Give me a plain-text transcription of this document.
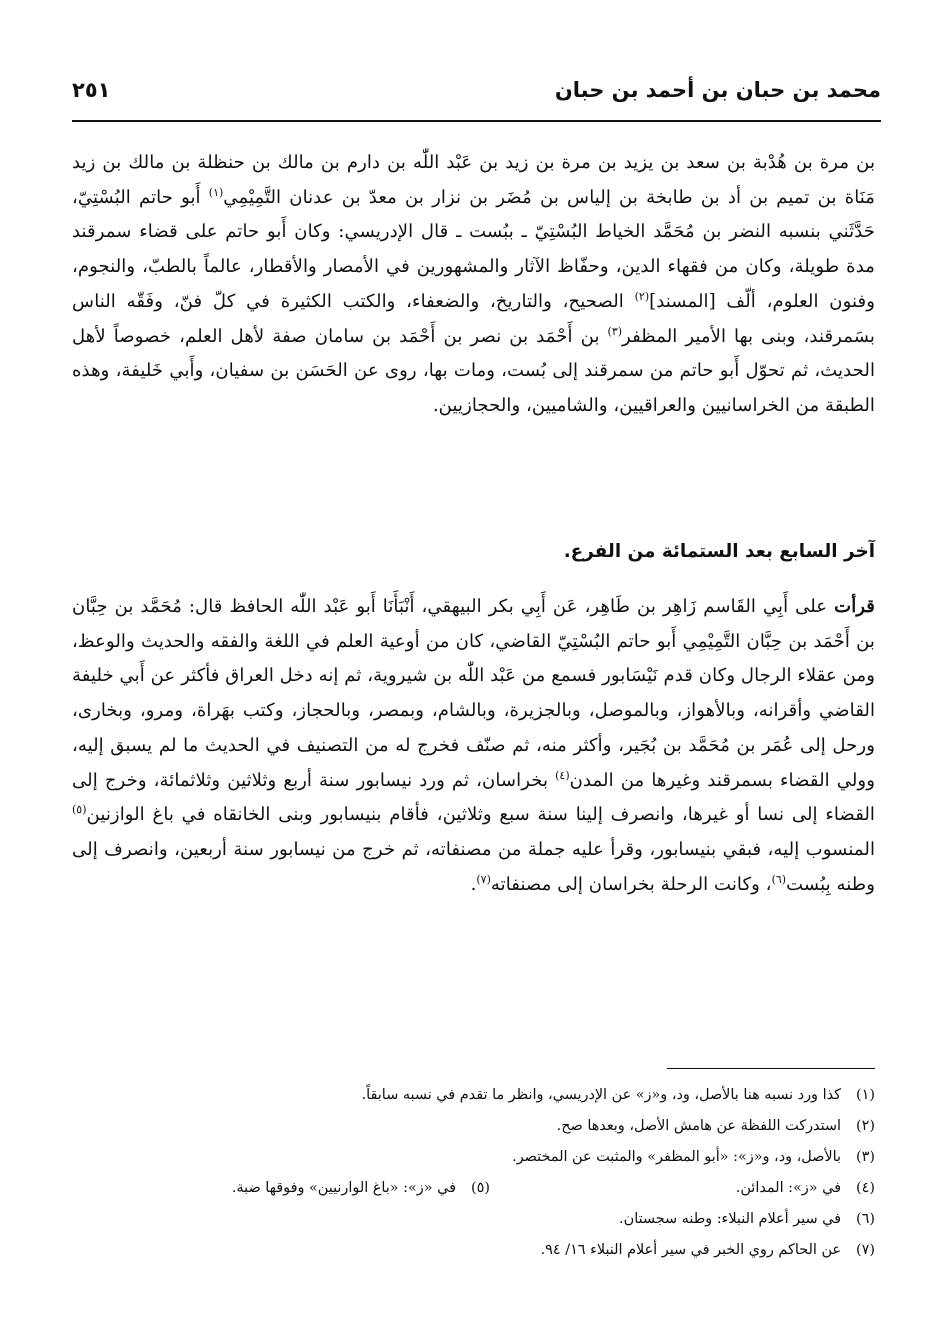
محمد بن حبان بن أحمد بن حبان
٢٥١

بن مرة بن هُدْبة بن سعد بن يزيد بن مرة بن زيد بن عَبْد اللّٰه بن دارم بن مالك بن حنظلة بن مالك بن زيد مَنَاة بن تميم بن أد بن طابخة بن إلياس بن مُضَر بن نزار بن معدّ بن عدنان التَّمِيْمِي$^{(١)}$ أَبو حاتم البُسْتِيّ، حَدَّثَني بنسبه النضر بن مُحَمَّد الخياط البُسْتِيّ ـ ببُست ـ قال الإدريسي: وكان أَبو حاتم على قضاء سمرقند مدة طويلة، وكان من فقهاء الدين، وحفّاظ الآثار والمشهورين في الأمصار والأقطار، عالماً بالطبّ، والنجوم، وفنون العلوم، ألّف [المسند]$^{(٢)}$ الصحيح، والتاريخ، والضعفاء، والكتب الكثيرة في كلّ فنّ، وفَقّه الناس بسَمرقند، وبنى بها الأمير المظفر$^{(٣)}$ بن أَحْمَد بن نصر بن أَحْمَد بن سامان صفة لأهل العلم، خصوصاً لأهل الحديث، ثم تحوّل أَبو حاتم من سمرقند إلى بُست، ومات بها، روى عن الحَسَن بن سفيان، وأَبي خَليفة، وهذه الطبقة من الخراسانيين والعراقيين، والشاميين، والحجازيين.

آخر السابع بعد الستمائة من الفرع.

قرأت على أَبِي القَاسم زَاهِر بن طَاهِر، عَن أَبِي بكر البيهقي، أَنْبَأَنَا أَبو عَبْد اللّٰه الحافظ قال: مُحَمَّد بن حِبَّان بن أَحْمَد بن حِبَّان التَّمِيْمِي أَبو حاتم البُسْتِيّ القاضي، كان من أوعية العلم في اللغة والفقه والحديث والوعظ، ومن عقلاء الرجال وكان قدم نَيْسَابور فسمع من عَبْد اللّٰه بن شيروية، ثم إنه دخل العراق فأكثر عن أَبي خليفة القاضي وأقرانه، وبالأهواز، وبالموصل، وبالجزيرة، وبالشام، وبمصر، وبالحجاز، وكتب بهَراة، ومرو، وبخارى، ورحل إلى عُمَر بن مُحَمَّد بن بُجَير، وأكثر منه، ثم صنّف فخرج له من التصنيف في الحديث ما لم يسبق إليه، وولي القضاء بسمرقند وغيرها من المدن$^{(٤)}$ بخراسان، ثم ورد نيسابور سنة أربع وثلاثين وثلاثمائة، وخرج إلى القضاء إلى نسا أو غيرها، وانصرف إلينا سنة سبع وثلاثين، فأقام بنيسابور وبنى الخانقاه في باغ الوازنين$^{(٥)}$ المنسوب إليه، فبقي بنيسابور، وقرأ عليه جملة من مصنفاته، ثم خرج من نيسابور سنة أربعين، وانصرف إلى وطنه بِبُست$^{(٦)}$، وكانت الرحلة بخراسان إلى مصنفاته$^{(٧)}$.

(١)كذا ورد نسبه هنا بالأصل، ود، و«ز» عن الإدريسي، وانظر ما تقدم في نسبه سابقاً.
(٢)استدركت اللفظة عن هامش الأصل، وبعدها صح.
(٣)بالأصل، ود، و«ز»: «أبو المظفر» والمثبت عن المختصر.
(٤)في «ز»: المدائن.(٥)في «ز»: «باغ الوارنيين» وفوقها ضبة.
(٦)في سير أعلام النبلاء: وطنه سجستان.
(٧)عن الحاكم روي الخبر في سير أعلام النبلاء ١٦/ ٩٤.
